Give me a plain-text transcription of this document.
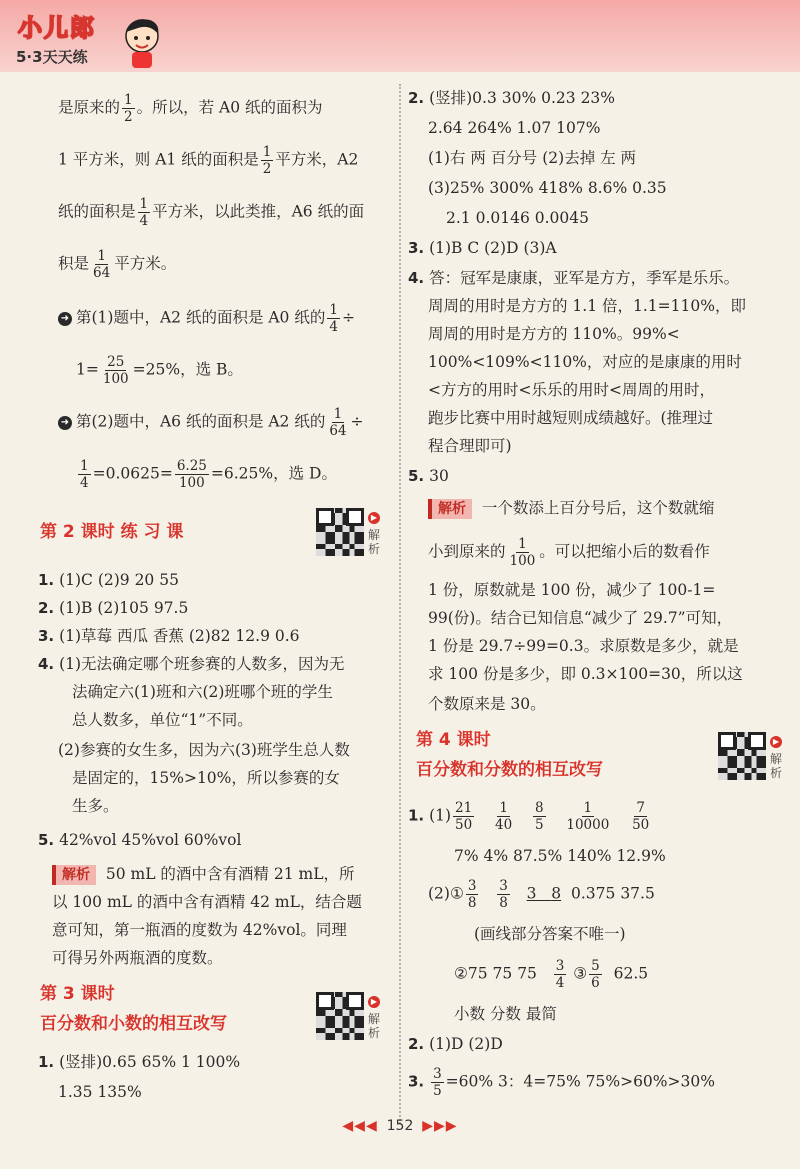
小儿郎
5·3天天练
是原来的 $\frac{1}{2}$ 。所以，若 A0 纸的面积为
1 平方米，则 A1 纸的面积是 $\frac{1}{2}$ 平方米，A2
纸的面积是 $\frac{1}{4}$ 平方米，以此类推，A6 纸的面
积是 $\frac{1}{64}$ 平方米。
➜ 第(1)题中，A2 纸的面积是 A0 纸的 $\frac{1}{4}$ ÷
$1= \frac{25}{100} =25\%$，选 B。
➜ 第(2)题中，A6 纸的面积是 A2 纸的 $\frac{1}{64}$ ÷
$\frac{1}{4} =0.0625= \frac{6.25}{100} =6.25\%$，选 D。
第 2 课时 练 习 课
1. (1)C (2)9 20 55
2. (1)B (2)105 97.5
3. (1)草莓 西瓜 香蕉 (2)82 12.9 0.6
4. (1)无法确定哪个班参赛的人数多，因为无
法确定六(1)班和六(2)班哪个班的学生
总人数多，单位“1”不同。
(2)参赛的女生多，因为六(3)班学生总人数
是固定的，15%>10%，所以参赛的女
生多。
5. 42%vol 45%vol 60%vol
解析 50 mL 的酒中含有酒精 21 mL，所
以 100 mL 的酒中含有酒精 42 mL，结合题
意可知，第一瓶酒的度数为 42%vol。同理
可得另外两瓶酒的度数。
第 3 课时
百分数和小数的相互改写
1. (竖排)0.65 65% 1 100%
1.35 135%
▶
解析
▶
解析
2. (竖排)0.3 30% 0.23 23%
2.64 264% 1.07 107%
(1)右 两 百分号 (2)去掉 左 两
(3)25% 300% 418% 8.6% 0.35
2.1 0.0146 0.0045
3. (1)B C (2)D (3)A
4. 答：冠军是康康，亚军是方方，季军是乐乐。
周周的用时是方方的 1.1 倍，1.1=110%，即
周周的用时是方方的 110%。99%<
100%<109%<110%，对应的是康康的用时
<方方的用时<乐乐的用时<周周的用时，
跑步比赛中用时越短则成绩越好。(推理过
程合理即可)
5. 30
解析 一个数添上百分号后，这个数就缩
小到原来的 $\frac{1}{100}$ 。可以把缩小后的数看作
1 份，原数就是 100 份，减少了 100-1=
99(份)。结合已知信息“减少了 29.7”可知，
1 份是 29.7÷99=0.3。求原数是多少，就是
求 100 份是多少，即 0.3×100=30，所以这
个数原来是 30。
第 4 课时
百分数和分数的相互改写
1. $(1) \frac{21}{50}$
$\frac{1}{40}$
$\frac{8}{5}$
$\frac{1}{10000}$
$\frac{7}{50}$
7% 4% 87.5% 140% 12.9%
(2)① $\frac{3}{8}$
$\frac{3}{8} 3$ 8 0.375 37.5
(画线部分答案不唯一)
②75 75 $75 \frac{3}{4}$ ③ $\frac{5}{6} 62.5$
小数 分数 最简
2. (1)D (2)D
3. $\frac{3}{5} =60\%$ 3：4=75% 75%>60%>30%
▶
解析
◀◀◀ 152 ▶▶▶
